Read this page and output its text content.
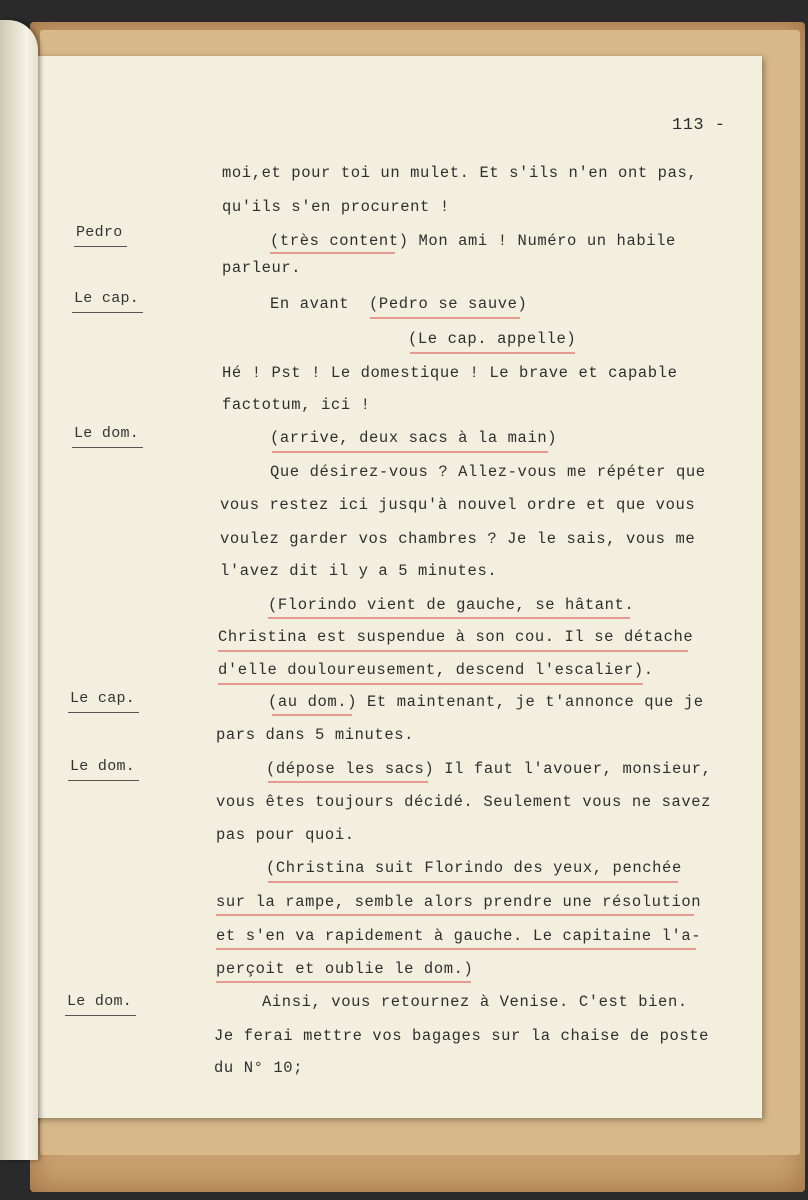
113 -
Pedro
Le cap.
Le dom.
Le cap.
Le dom.
Le dom.
moi,et pour toi un mulet. Et s'ils n'en ont pas,
qu'ils s'en procurent !
(très content) Mon ami ! Numéro un habile
parleur.
En avant  (Pedro se sauve)
(Le cap. appelle)
Hé ! Pst ! Le domestique ! Le brave et capable
factotum, ici !
(arrive, deux sacs à la main)
Que désirez-vous ? Allez-vous me répéter que
vous restez ici jusqu'à nouvel ordre et que vous
voulez garder vos chambres ? Je le sais, vous me
l'avez dit il y a 5 minutes.
(Florindo vient de gauche, se hâtant.
Christina est suspendue à son cou. Il se détache
d'elle douloureusement, descend l'escalier).
(au dom.) Et maintenant, je t'annonce que je
pars dans 5 minutes.
(dépose les sacs) Il faut l'avouer, monsieur,
vous êtes toujours décidé. Seulement vous ne savez
pas pour quoi.
(Christina suit Florindo des yeux, penchée
sur la rampe, semble alors prendre une résolution
et s'en va rapidement à gauche. Le capitaine l'a-
perçoit et oublie le dom.)
Ainsi, vous retournez à Venise. C'est bien.
Je ferai mettre vos bagages sur la chaise de poste
du N° 10;
